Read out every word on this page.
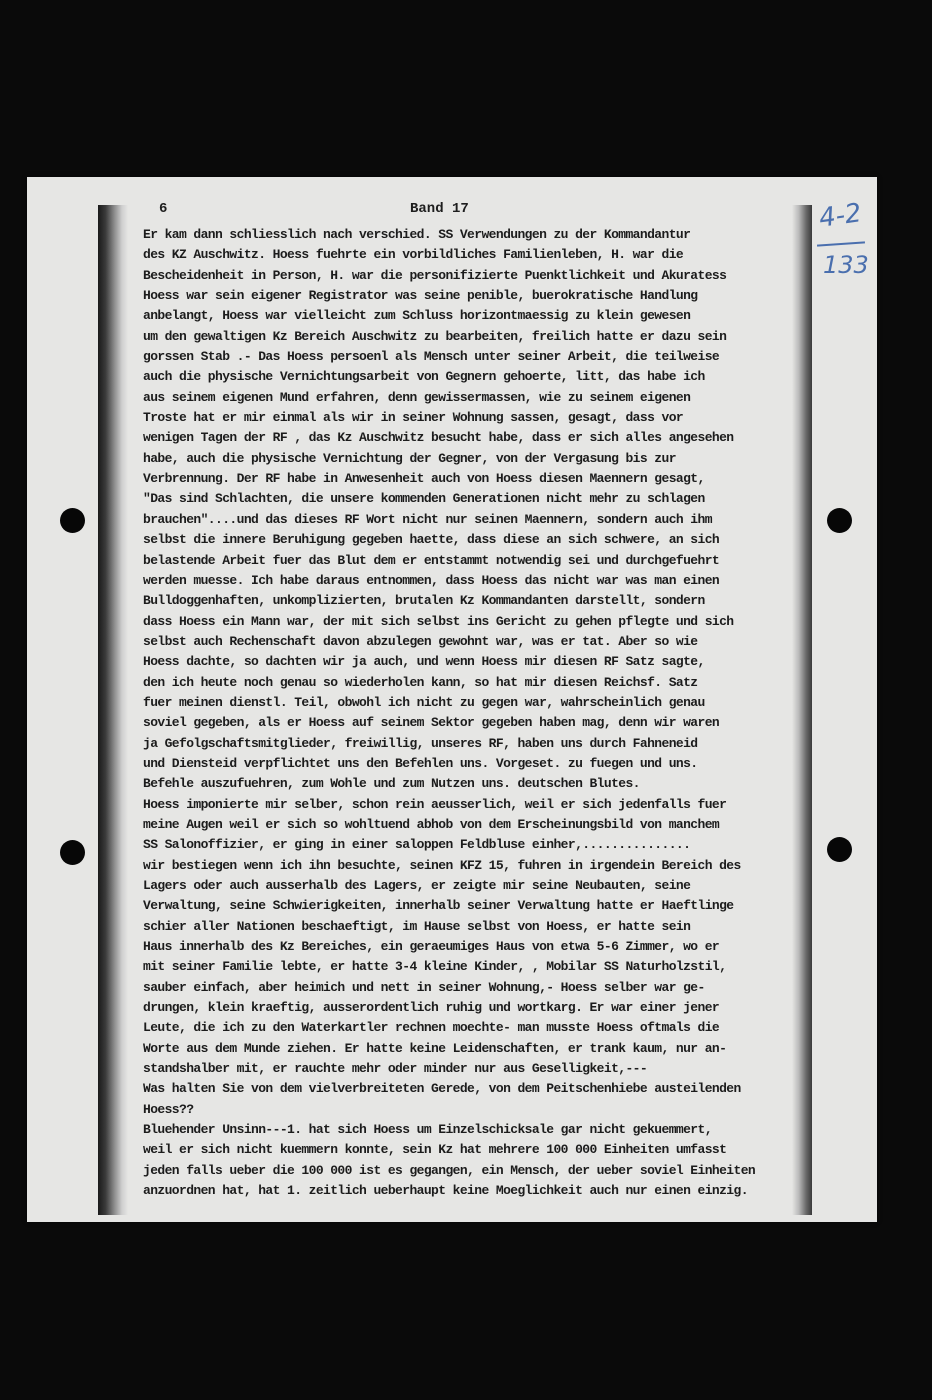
6	Band 17	4-2
133
Er kam dann schliesslich nach verschied. SS Verwendungen zu der Kommandantur
des KZ Auschwitz. Hoess fuehrte ein vorbildliches Familienleben, H. war die
Bescheidenheit in Person, H. war die personifizierte Puenktlichkeit und Akuratess
Hoess war sein eigener Registrator was seine penible, buerokratische Handlung
anbelangt, Hoess war vielleicht zum Schluss horizontmaessig zu klein gewesen
um den gewaltigen Kz Bereich Auschwitz zu bearbeiten, freilich hatte er dazu sein
gorssen Stab .- Das Hoess persoenl als Mensch unter seiner Arbeit, die teilweise
auch die physische Vernichtungsarbeit von Gegnern gehoerte, litt, das habe ich
aus seinem eigenen Mund erfahren, denn gewissermassen, wie zu seinem eigenen
Troste hat er mir einmal als wir in seiner Wohnung sassen, gesagt, dass vor
wenigen Tagen der RF , das Kz Auschwitz besucht habe, dass er sich alles angesehen
habe, auch die physische Vernichtung der Gegner, von der Vergasung bis zur
Verbrennung. Der RF habe in Anwesenheit auch von Hoess diesen Maennern gesagt,
"Das sind Schlachten, die unsere kommenden Generationen nicht mehr zu schlagen
brauchen"....und das dieses RF Wort nicht nur seinen Maennern, sondern auch ihm
selbst die innere Beruhigung gegeben haette, dass diese an sich schwere, an sich
belastende Arbeit fuer das Blut dem er entstammt notwendig sei und durchgefuehrt
werden muesse. Ich habe daraus entnommen, dass Hoess das nicht war was man einen
Bulldoggenhaften, unkomplizierten, brutalen Kz Kommandanten darstellt, sondern
dass Hoess ein Mann war, der mit sich selbst ins Gericht zu gehen pflegte und sich
selbst auch Rechenschaft davon abzulegen gewohnt war, was er tat. Aber so wie
Hoess dachte, so dachten wir ja auch, und wenn Hoess mir diesen RF Satz sagte,
den ich heute noch genau so wiederholen kann, so hat mir diesen Reichsf. Satz
fuer meinen dienstl. Teil, obwohl ich nicht zu gegen war, wahrscheinlich genau
soviel gegeben, als er Hoess auf seinem Sektor gegeben haben mag, denn wir waren
ja Gefolgschaftsmitglieder, freiwillig, unseres RF, haben uns durch Fahneneid
und Diensteid verpflichtet uns den Befehlen uns. Vorgeset. zu fuegen und uns.
Befehle auszufuehren, zum Wohle und zum Nutzen uns. deutschen Blutes.
Hoess imponierte mir selber, schon rein aeusserlich, weil er sich jedenfalls fuer
meine Augen weil er sich so wohltuend abhob von dem Erscheinungsbild von manchem
SS Salonoffizier, er ging in einer saloppen Feldbluse einher,...............
wir bestiegen wenn ich ihn besuchte, seinen KFZ 15, fuhren in irgendein Bereich des
Lagers oder auch ausserhalb des Lagers, er zeigte mir seine Neubauten, seine
Verwaltung, seine Schwierigkeiten, innerhalb seiner Verwaltung hatte er Haeftlinge
schier aller Nationen beschaeftigt, im Hause selbst von Hoess, er hatte sein
Haus innerhalb des Kz Bereiches, ein geraeumiges Haus von etwa 5-6 Zimmer, wo er
mit seiner Familie lebte, er hatte 3-4 kleine Kinder, , Mobilar SS Naturholzstil,
sauber einfach, aber heimich und nett in seiner Wohnung,- Hoess selber war ge-
drungen, klein kraeftig, ausserordentlich ruhig und wortkarg. Er war einer jener
Leute, die ich zu den Waterkartler rechnen moechte- man musste Hoess oftmals die
Worte aus dem Munde ziehen. Er hatte keine Leidenschaften, er trank kaum, nur an-
standshalber mit, er rauchte mehr oder minder nur aus Geselligkeit,---
Was halten Sie von dem vielverbreiteten Gerede, von dem Peitschenhiebe austeilenden
Hoess??
Bluehender Unsinn---1. hat sich Hoess um Einzelschicksale gar nicht gekuemmert,
weil er sich nicht kuemmern konnte, sein Kz hat mehrere 100 000 Einheiten umfasst
jeden falls ueber die 100 000 ist es gegangen, ein Mensch, der ueber soviel Einheiten
anzuordnen hat, hat 1. zeitlich ueberhaupt keine Moeglichkeit auch nur einen einzig.
